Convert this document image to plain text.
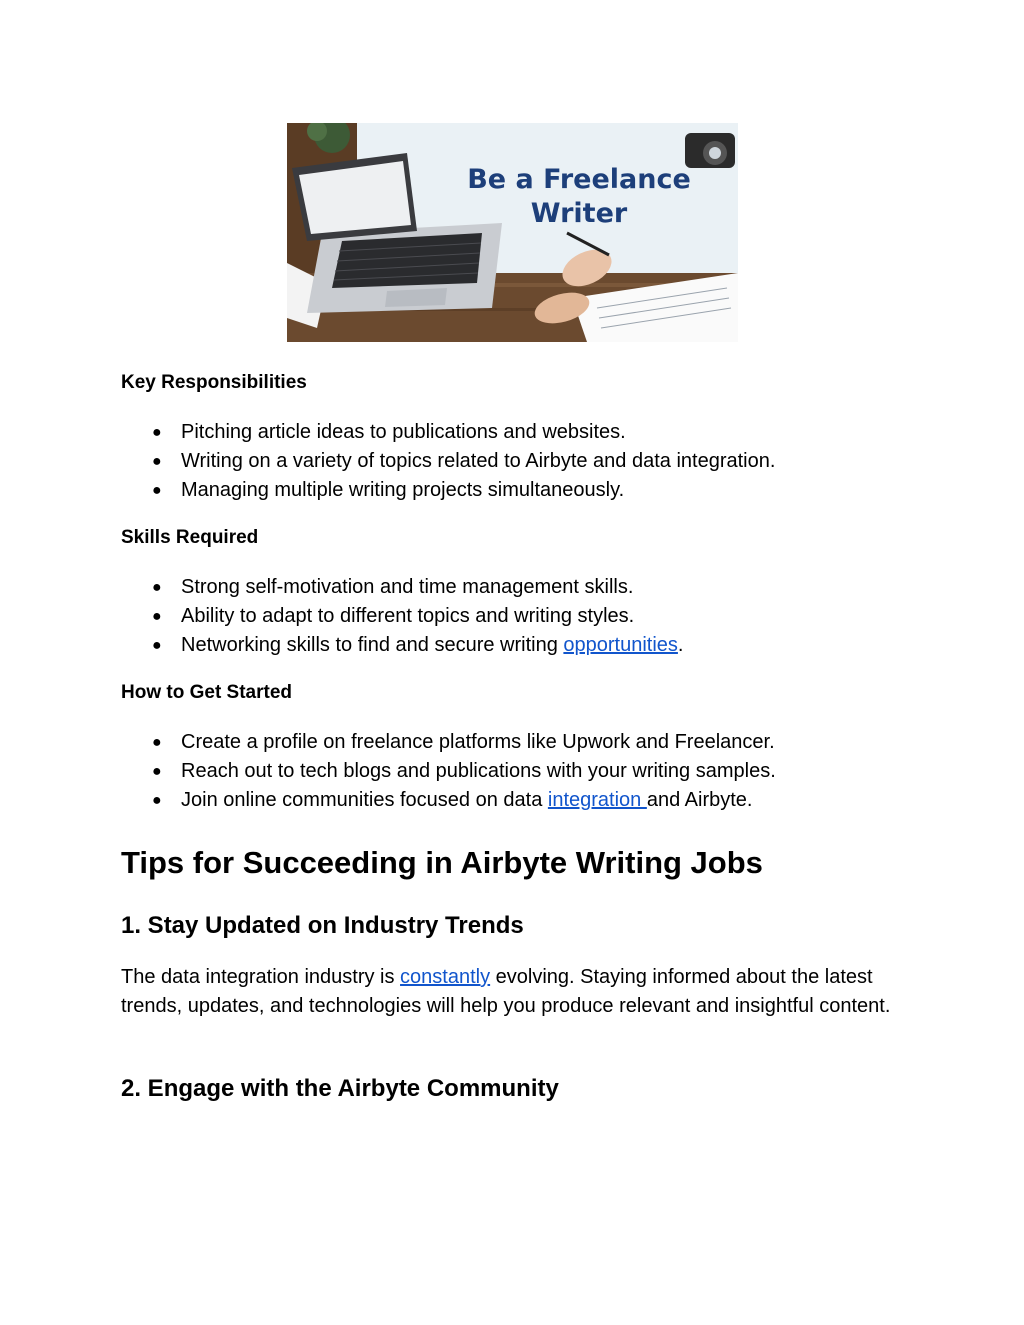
Be a Freelance
Writer
Key Responsibilities
● Pitching article ideas to publications and websites.
● Writing on a variety of topics related to Airbyte and data integration.
● Managing multiple writing projects simultaneously.
Skills Required
● Strong self-motivation and time management skills.
● Ability to adapt to different topics and writing styles.
● Networking skills to find and secure writing opportunities.
How to Get Started
● Create a profile on freelance platforms like Upwork and Freelancer.
● Reach out to tech blogs and publications with your writing samples.
● Join online communities focused on data integration and Airbyte.
Tips for Succeeding in Airbyte Writing Jobs
1. Stay Updated on Industry Trends

The data integration industry is constantly evolving. Staying informed about the latest trends, updates, and technologies will help you produce relevant and insightful content.

2. Engage with the Airbyte Community
